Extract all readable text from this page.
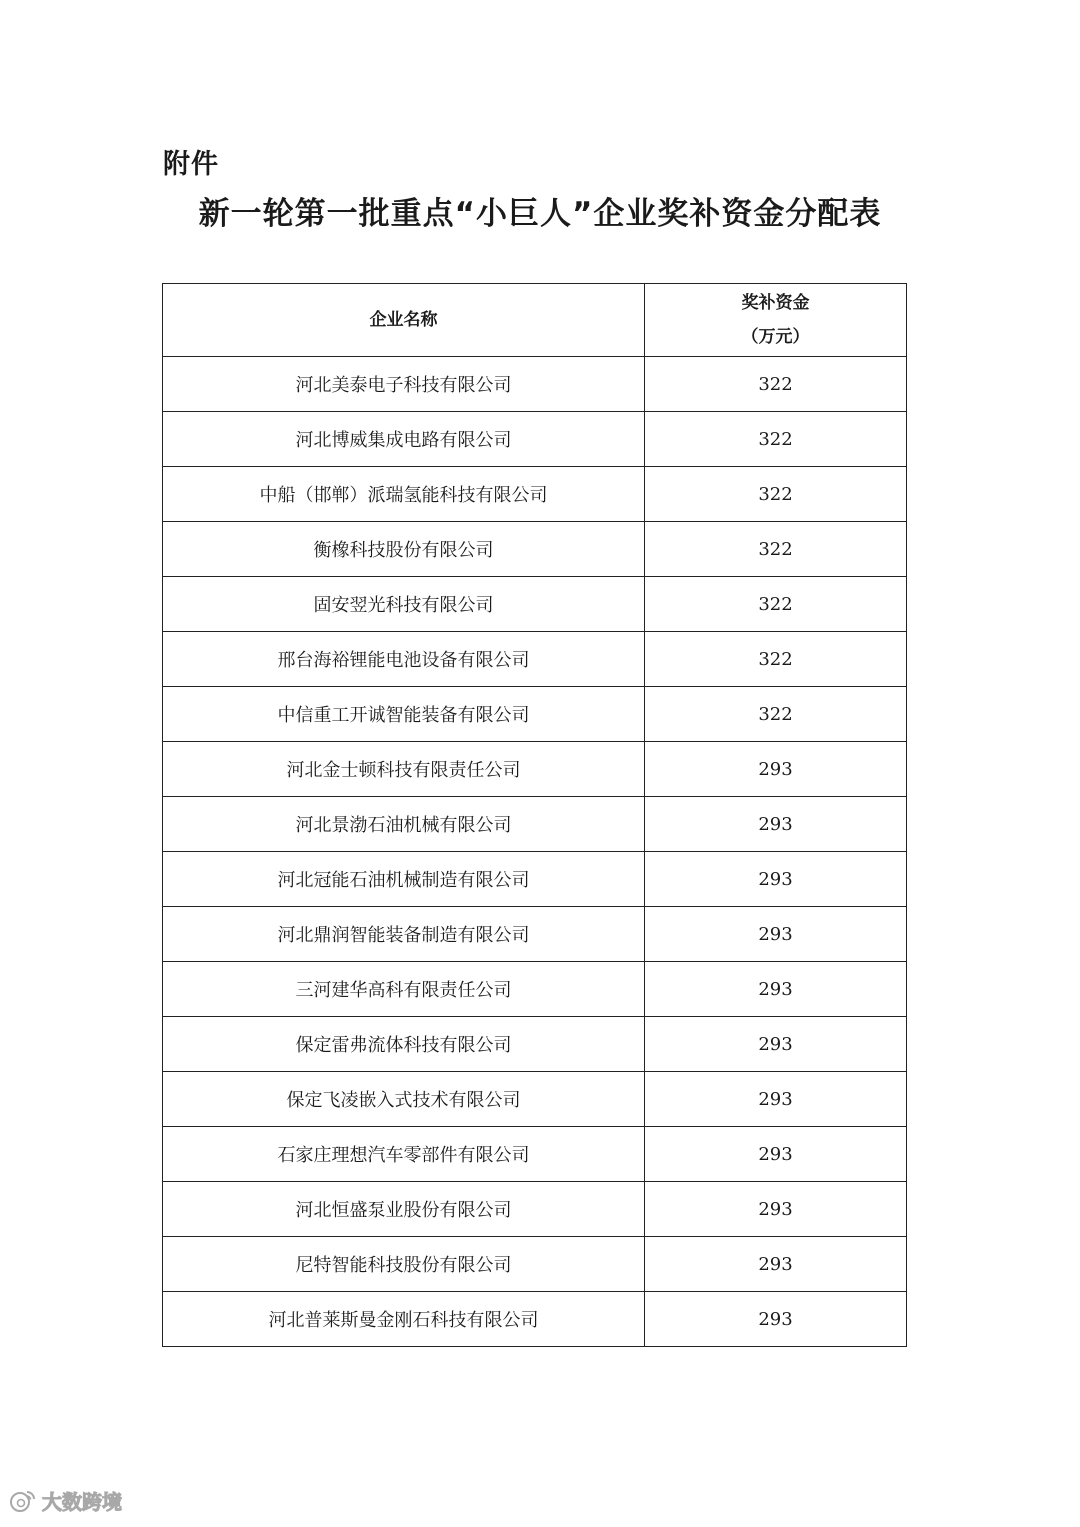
附件
新一轮第一批重点“小巨人”企业奖补资金分配表
企业名称	奖补资金
（万元）

河北美泰电子科技有限公司	322
河北博威集成电路有限公司	322
中船（邯郸）派瑞氢能科技有限公司	322
衡橡科技股份有限公司	322
固安翌光科技有限公司	322
邢台海裕锂能电池设备有限公司	322
中信重工开诚智能装备有限公司	322
河北金士顿科技有限责任公司	293
河北景渤石油机械有限公司	293
河北冠能石油机械制造有限公司	293
河北鼎润智能装备制造有限公司	293
三河建华高科有限责任公司	293
保定雷弗流体科技有限公司	293
保定飞凌嵌入式技术有限公司	293
石家庄理想汽车零部件有限公司	293
河北恒盛泵业股份有限公司	293
尼特智能科技股份有限公司	293
河北普莱斯曼金刚石科技有限公司	293
大数跨境
